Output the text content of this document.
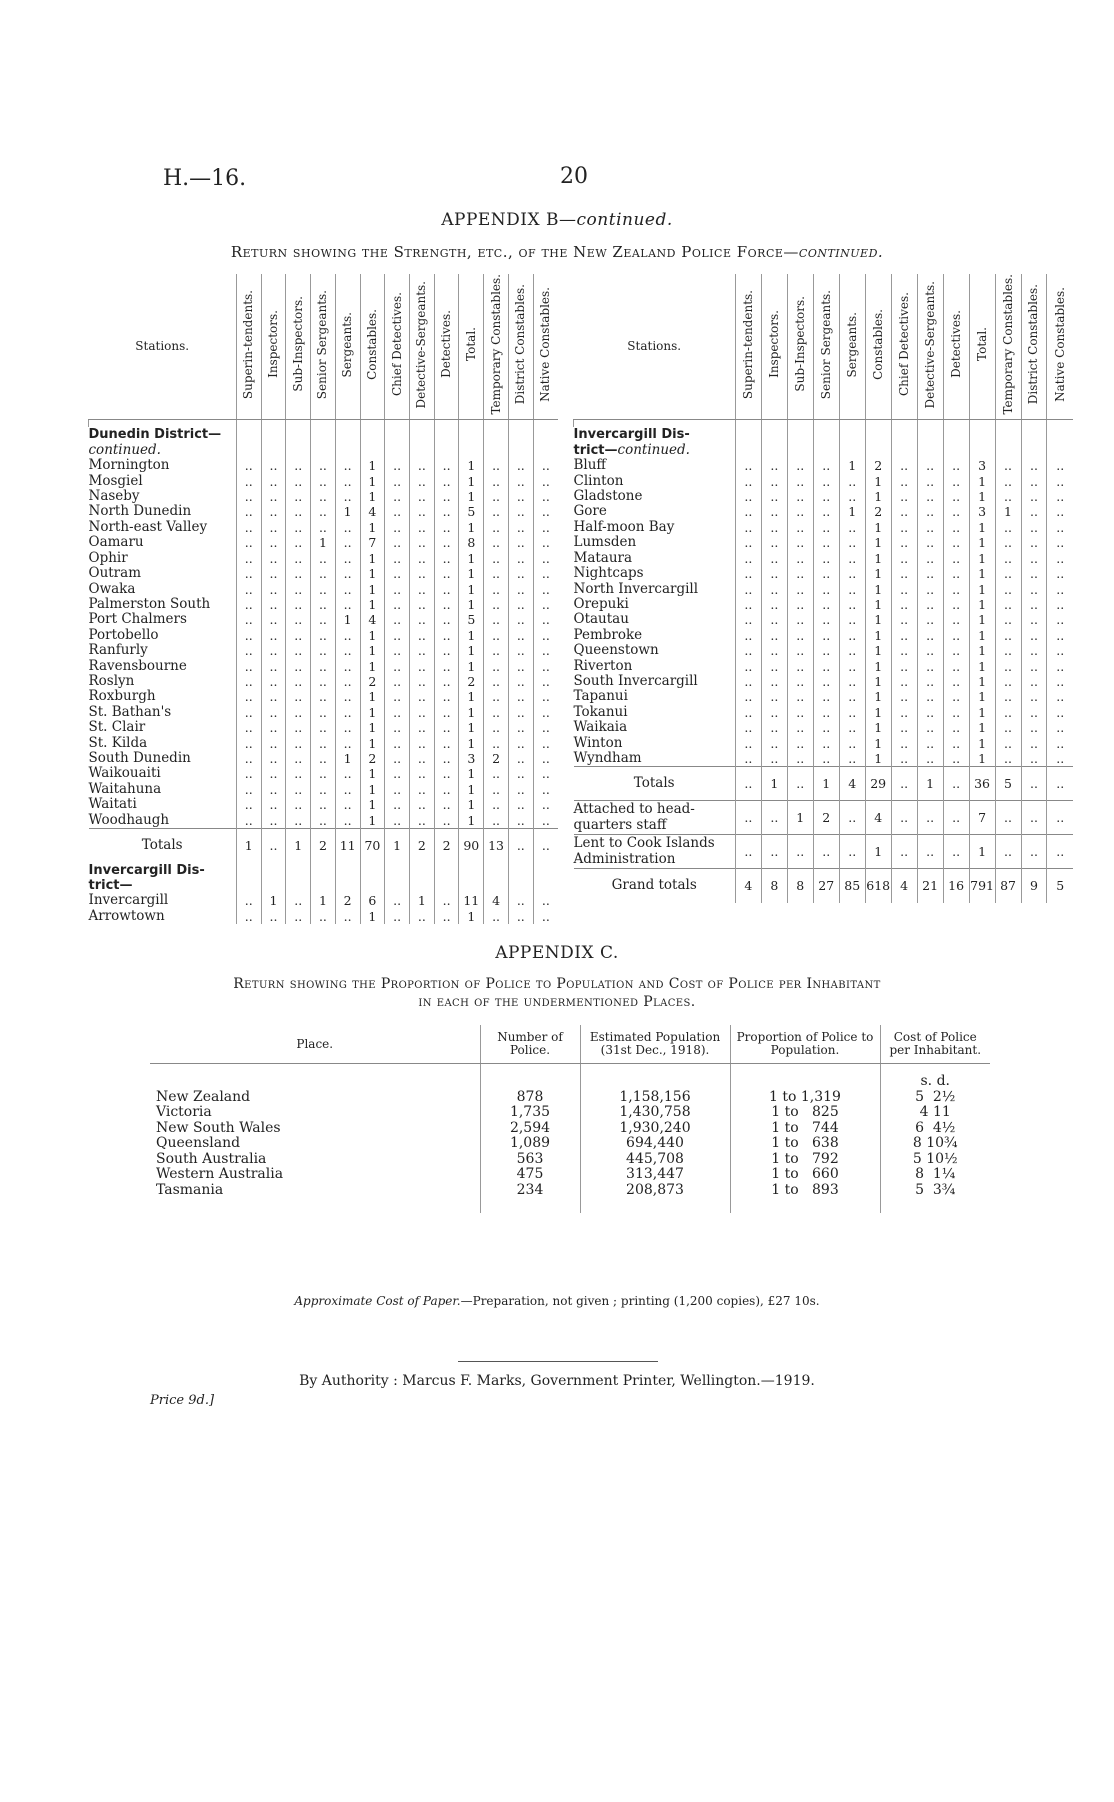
H.—16.	20
APPENDIX B—continued.
Return showing the Strength, etc., of the New Zealand Police Force—continued.
Stations.	Superin-tendents.	Inspectors.	Sub-Inspectors.	Senior Sergeants.	Sergeants.	Constables.	Chief Detectives.	Detective-Sergeants.	Detectives.	Total.	Temporary Constables.	District Constables.	Native Constables.

Dunedin District—													
continued.													
Mornington	..	..	..	..	..	1	..	..	..	1	..	..	..
Mosgiel	..	..	..	..	..	1	..	..	..	1	..	..	..
Naseby	..	..	..	..	..	1	..	..	..	1	..	..	..
North Dunedin	..	..	..	..	1	4	..	..	..	5	..	..	..
North-east Valley	..	..	..	..	..	1	..	..	..	1	..	..	..
Oamaru	..	..	..	1	..	7	..	..	..	8	..	..	..
Ophir	..	..	..	..	..	1	..	..	..	1	..	..	..
Outram	..	..	..	..	..	1	..	..	..	1	..	..	..
Owaka	..	..	..	..	..	1	..	..	..	1	..	..	..
Palmerston South	..	..	..	..	..	1	..	..	..	1	..	..	..
Port Chalmers	..	..	..	..	1	4	..	..	..	5	..	..	..
Portobello	..	..	..	..	..	1	..	..	..	1	..	..	..
Ranfurly	..	..	..	..	..	1	..	..	..	1	..	..	..
Ravensbourne	..	..	..	..	..	1	..	..	..	1	..	..	..
Roslyn	..	..	..	..	..	2	..	..	..	2	..	..	..
Roxburgh	..	..	..	..	..	1	..	..	..	1	..	..	..
St. Bathan's	..	..	..	..	..	1	..	..	..	1	..	..	..
St. Clair	..	..	..	..	..	1	..	..	..	1	..	..	..
St. Kilda	..	..	..	..	..	1	..	..	..	1	..	..	..
South Dunedin	..	..	..	..	1	2	..	..	..	3	2	..	..
Waikouaiti	..	..	..	..	..	1	..	..	..	1	..	..	..
Waitahuna	..	..	..	..	..	1	..	..	..	1	..	..	..
Waitati	..	..	..	..	..	1	..	..	..	1	..	..	..
Woodhaugh	..	..	..	..	..	1	..	..	..	1	..	..	..
Totals	1	..	1	2	11	70	1	2	2	90	13	..	..
Invercargill Dis-													
trict—													
Invercargill	..	1	..	1	2	6	..	1	..	11	4	..	..
Arrowtown	..	..	..	..	..	1	..	..	..	1	..	..	..
Stations.	Superin-tendents.	Inspectors.	Sub-Inspectors.	Senior Sergeants.	Sergeants.	Constables.	Chief Detectives.	Detective-Sergeants.	Detectives.	Total.	Temporary Constables.	District Constables.	Native Constables.

Invercargill Dis-													
trict—continued.													
Bluff	..	..	..	..	1	2	..	..	..	3	..	..	..
Clinton	..	..	..	..	..	1	..	..	..	1	..	..	..
Gladstone	..	..	..	..	..	1	..	..	..	1	..	..	..
Gore	..	..	..	..	1	2	..	..	..	3	1	..	..
Half-moon Bay	..	..	..	..	..	1	..	..	..	1	..	..	..
Lumsden	..	..	..	..	..	1	..	..	..	1	..	..	..
Mataura	..	..	..	..	..	1	..	..	..	1	..	..	..
Nightcaps	..	..	..	..	..	1	..	..	..	1	..	..	..
North Invercargill	..	..	..	..	..	1	..	..	..	1	..	..	..
Orepuki	..	..	..	..	..	1	..	..	..	1	..	..	..
Otautau	..	..	..	..	..	1	..	..	..	1	..	..	..
Pembroke	..	..	..	..	..	1	..	..	..	1	..	..	..
Queenstown	..	..	..	..	..	1	..	..	..	1	..	..	..
Riverton	..	..	..	..	..	1	..	..	..	1	..	..	..
South Invercargill	..	..	..	..	..	1	..	..	..	1	..	..	..
Tapanui	..	..	..	..	..	1	..	..	..	1	..	..	..
Tokanui	..	..	..	..	..	1	..	..	..	1	..	..	..
Waikaia	..	..	..	..	..	1	..	..	..	1	..	..	..
Winton	..	..	..	..	..	1	..	..	..	1	..	..	..
Wyndham	..	..	..	..	..	1	..	..	..	1	..	..	..
Totals	..	1	..	1	4	29	..	1	..	36	5	..	..
Attached to head-quarters staff	..	..	1	2	..	4	..	..	..	7	..	..	..
Lent to Cook Islands Administration	..	..	..	..	..	1	..	..	..	1	..	..	..
Grand totals	4	8	8	27	85	618	4	21	16	791	87	9	5
APPENDIX C.
Return showing the Proportion of Police to Population and Cost of Police per Inhabitant
in each of the undermentioned Places.
Place.	Number of Police.	Estimated Population (31st Dec., 1918).	Proportion of Police to Population.	Cost of Police per Inhabitant.
				s. d.
New Zealand	878	1,158,156	1 to 1,319	5  2½
Victoria	1,735	1,430,758	1 to   825	4 11
New South Wales	2,594	1,930,240	1 to   744	6  4½
Queensland	1,089	694,440	1 to   638	8 10¾
South Australia	563	445,708	1 to   792	5 10½
Western Australia	475	313,447	1 to   660	8  1¼
Tasmania	234	208,873	1 to   893	5  3¾

Approximate Cost of Paper.—Preparation, not given ; printing (1,200 copies), £27 10s.
By Authority : Marcus F. Marks, Government Printer, Wellington.—1919.
Price 9d.]
